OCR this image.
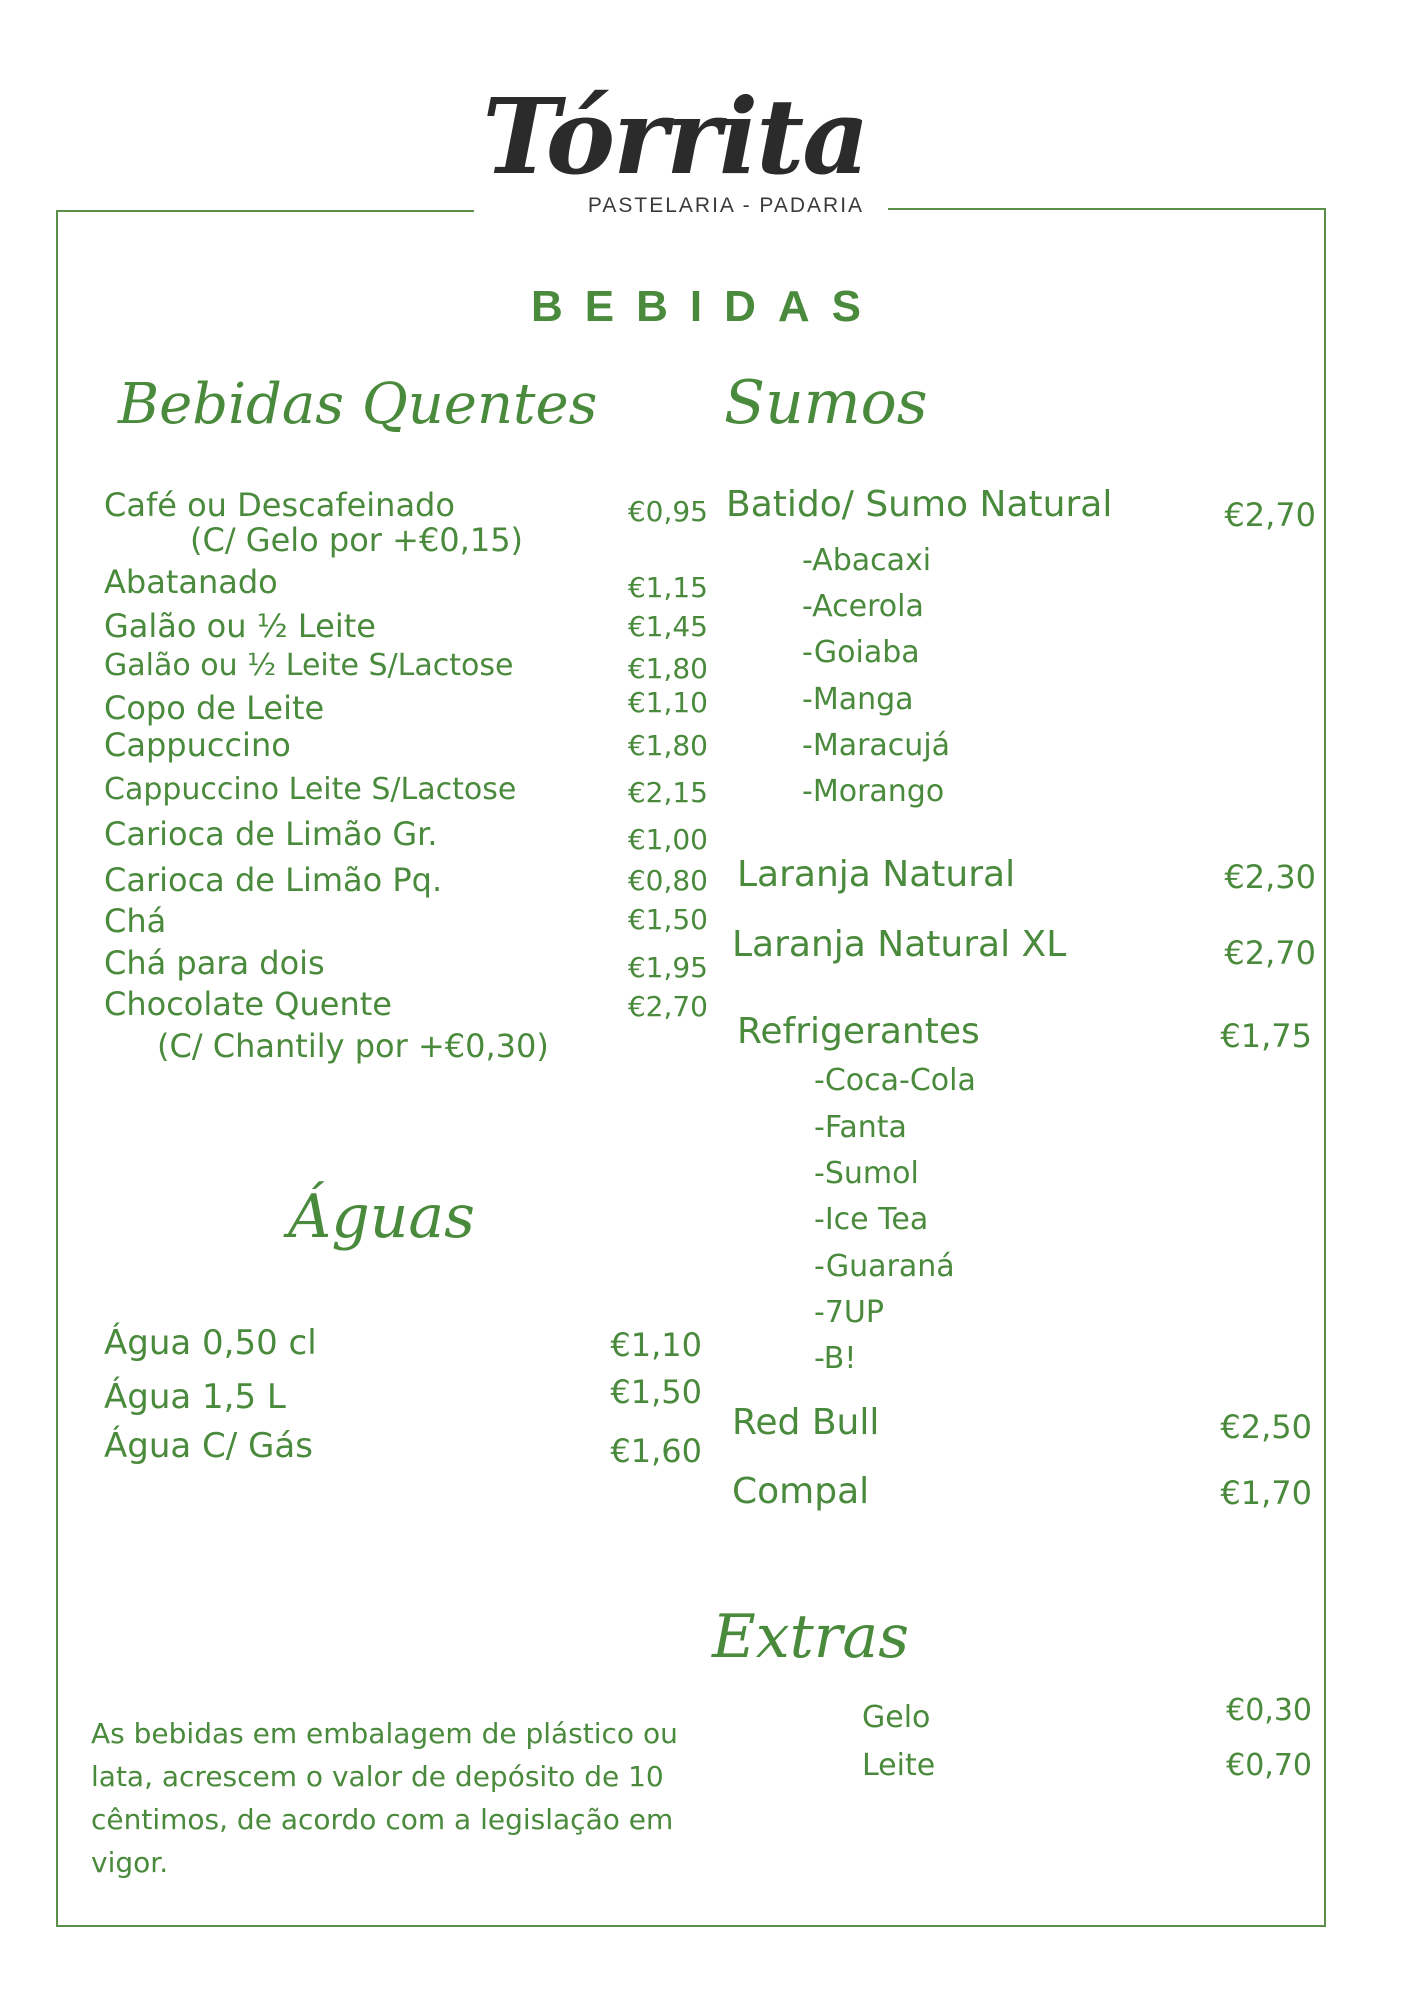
Tórrita
PASTELARIA - PADARIA
BEBIDAS
Bebidas Quentes
Café ou Descafeinado	€0,95
(C/ Gelo por +€0,15)
Abatanado	€1,15
Galão ou ½ Leite	€1,45
Galão ou ½ Leite S/Lactose	€1,80
Copo de Leite	€1,10
Cappuccino	€1,80
Cappuccino Leite S/Lactose	€2,15
Carioca de Limão Gr.	€1,00
Carioca de Limão Pq.	€0,80
Chá	€1,50
Chá para dois	€1,95
Chocolate Quente	€2,70
(C/ Chantily por +€0,30)
Águas
Água 0,50 cl	€1,10
Água 1,5 L	€1,50
Água C/ Gás	€1,60
Sumos
Batido/ Sumo Natural	€2,70
-Abacaxi
-Acerola
-Goiaba
-Manga
-Maracujá
-Morango
Laranja Natural	€2,30
Laranja Natural XL	€2,70
Refrigerantes	€1,75
-Coca-Cola
-Fanta
-Sumol
-Ice Tea
-Guaraná
-7UP
-B!
Red Bull	€2,50
Compal	€1,70
Extras
Gelo	€0,30
Leite	€0,70
As bebidas em embalagem de plástico ou lata, acrescem o valor de depósito de 10 cêntimos, de acordo com a legislação em vigor.
